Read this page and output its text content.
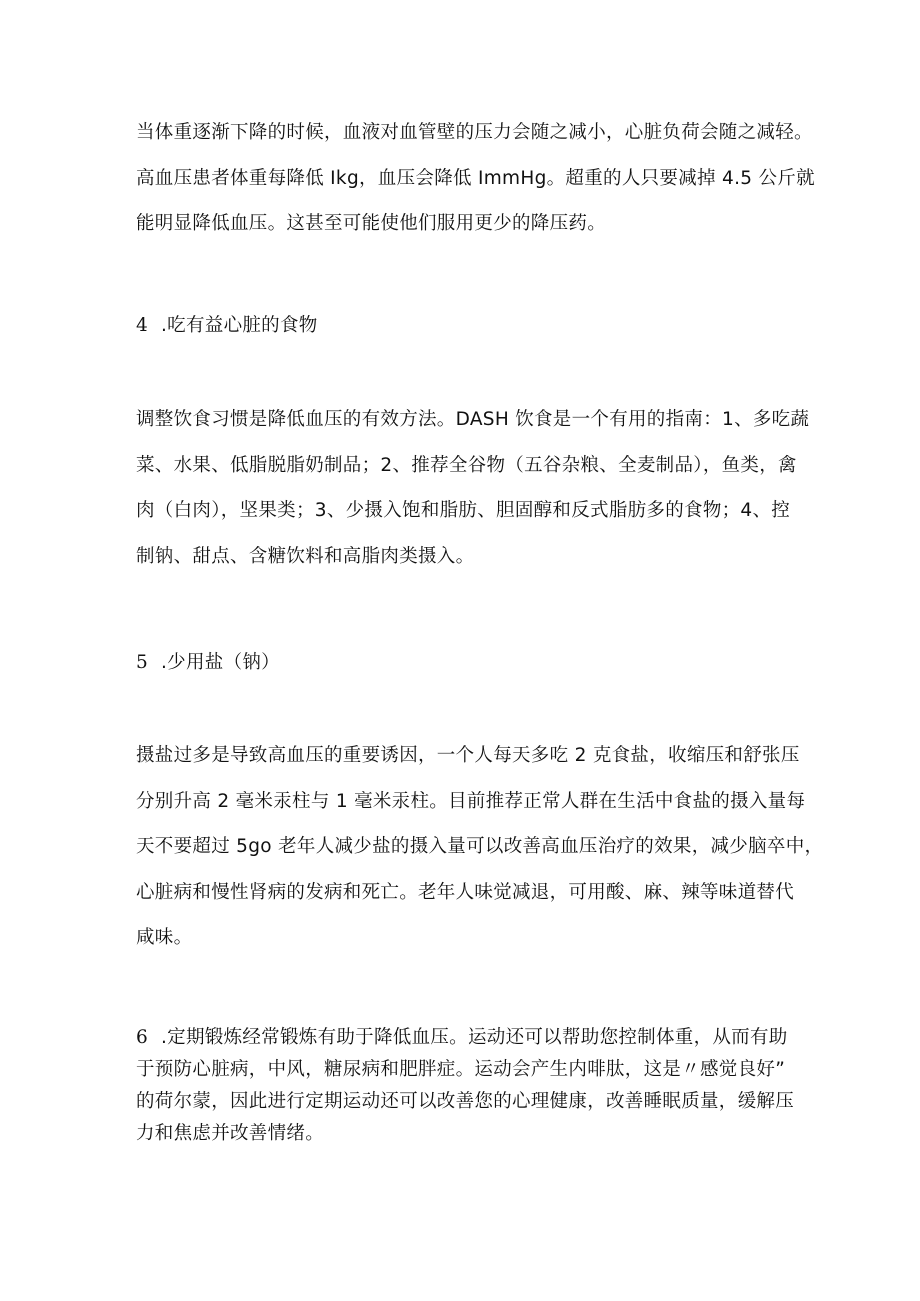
当体重逐渐下降的时候，血液对血管壁的压力会随之减小，心脏负荷会随之减轻。
高血压患者体重每降低 Ikg，血压会降低 ImmHg。超重的人只要减掉 4.5 公斤就
能明显降低血压。这甚至可能使他们服用更少的降压药。
4 .吃有益心脏的食物
调整饮食习惯是降低血压的有效方法。DASH 饮食是一个有用的指南：1、多吃蔬
菜、水果、低脂脱脂奶制品；2、推荐全谷物（五谷杂粮、全麦制品），鱼类，禽
肉（白肉），坚果类；3、少摄入饱和脂肪、胆固醇和反式脂肪多的食物；4、控
制钠、甜点、含糖饮料和高脂肉类摄入。
5 .少用盐（钠）
摄盐过多是导致高血压的重要诱因，一个人每天多吃 2 克食盐，收缩压和舒张压
分别升高 2 毫米汞柱与 1 毫米汞柱。目前推荐正常人群在生活中食盐的摄入量每
天不要超过 5go 老年人减少盐的摄入量可以改善高血压治疗的效果，减少脑卒中，
心脏病和慢性肾病的发病和死亡。老年人味觉减退，可用酸、麻、辣等味道替代
咸味。
6 .定期锻炼经常锻炼有助于降低血压。运动还可以帮助您控制体重，从而有助
于预防心脏病，中风，糖尿病和肥胖症。运动会产生内啡肽，这是〃感觉良好”
的荷尔蒙，因此进行定期运动还可以改善您的心理健康，改善睡眠质量，缓解压
力和焦虑并改善情绪。
